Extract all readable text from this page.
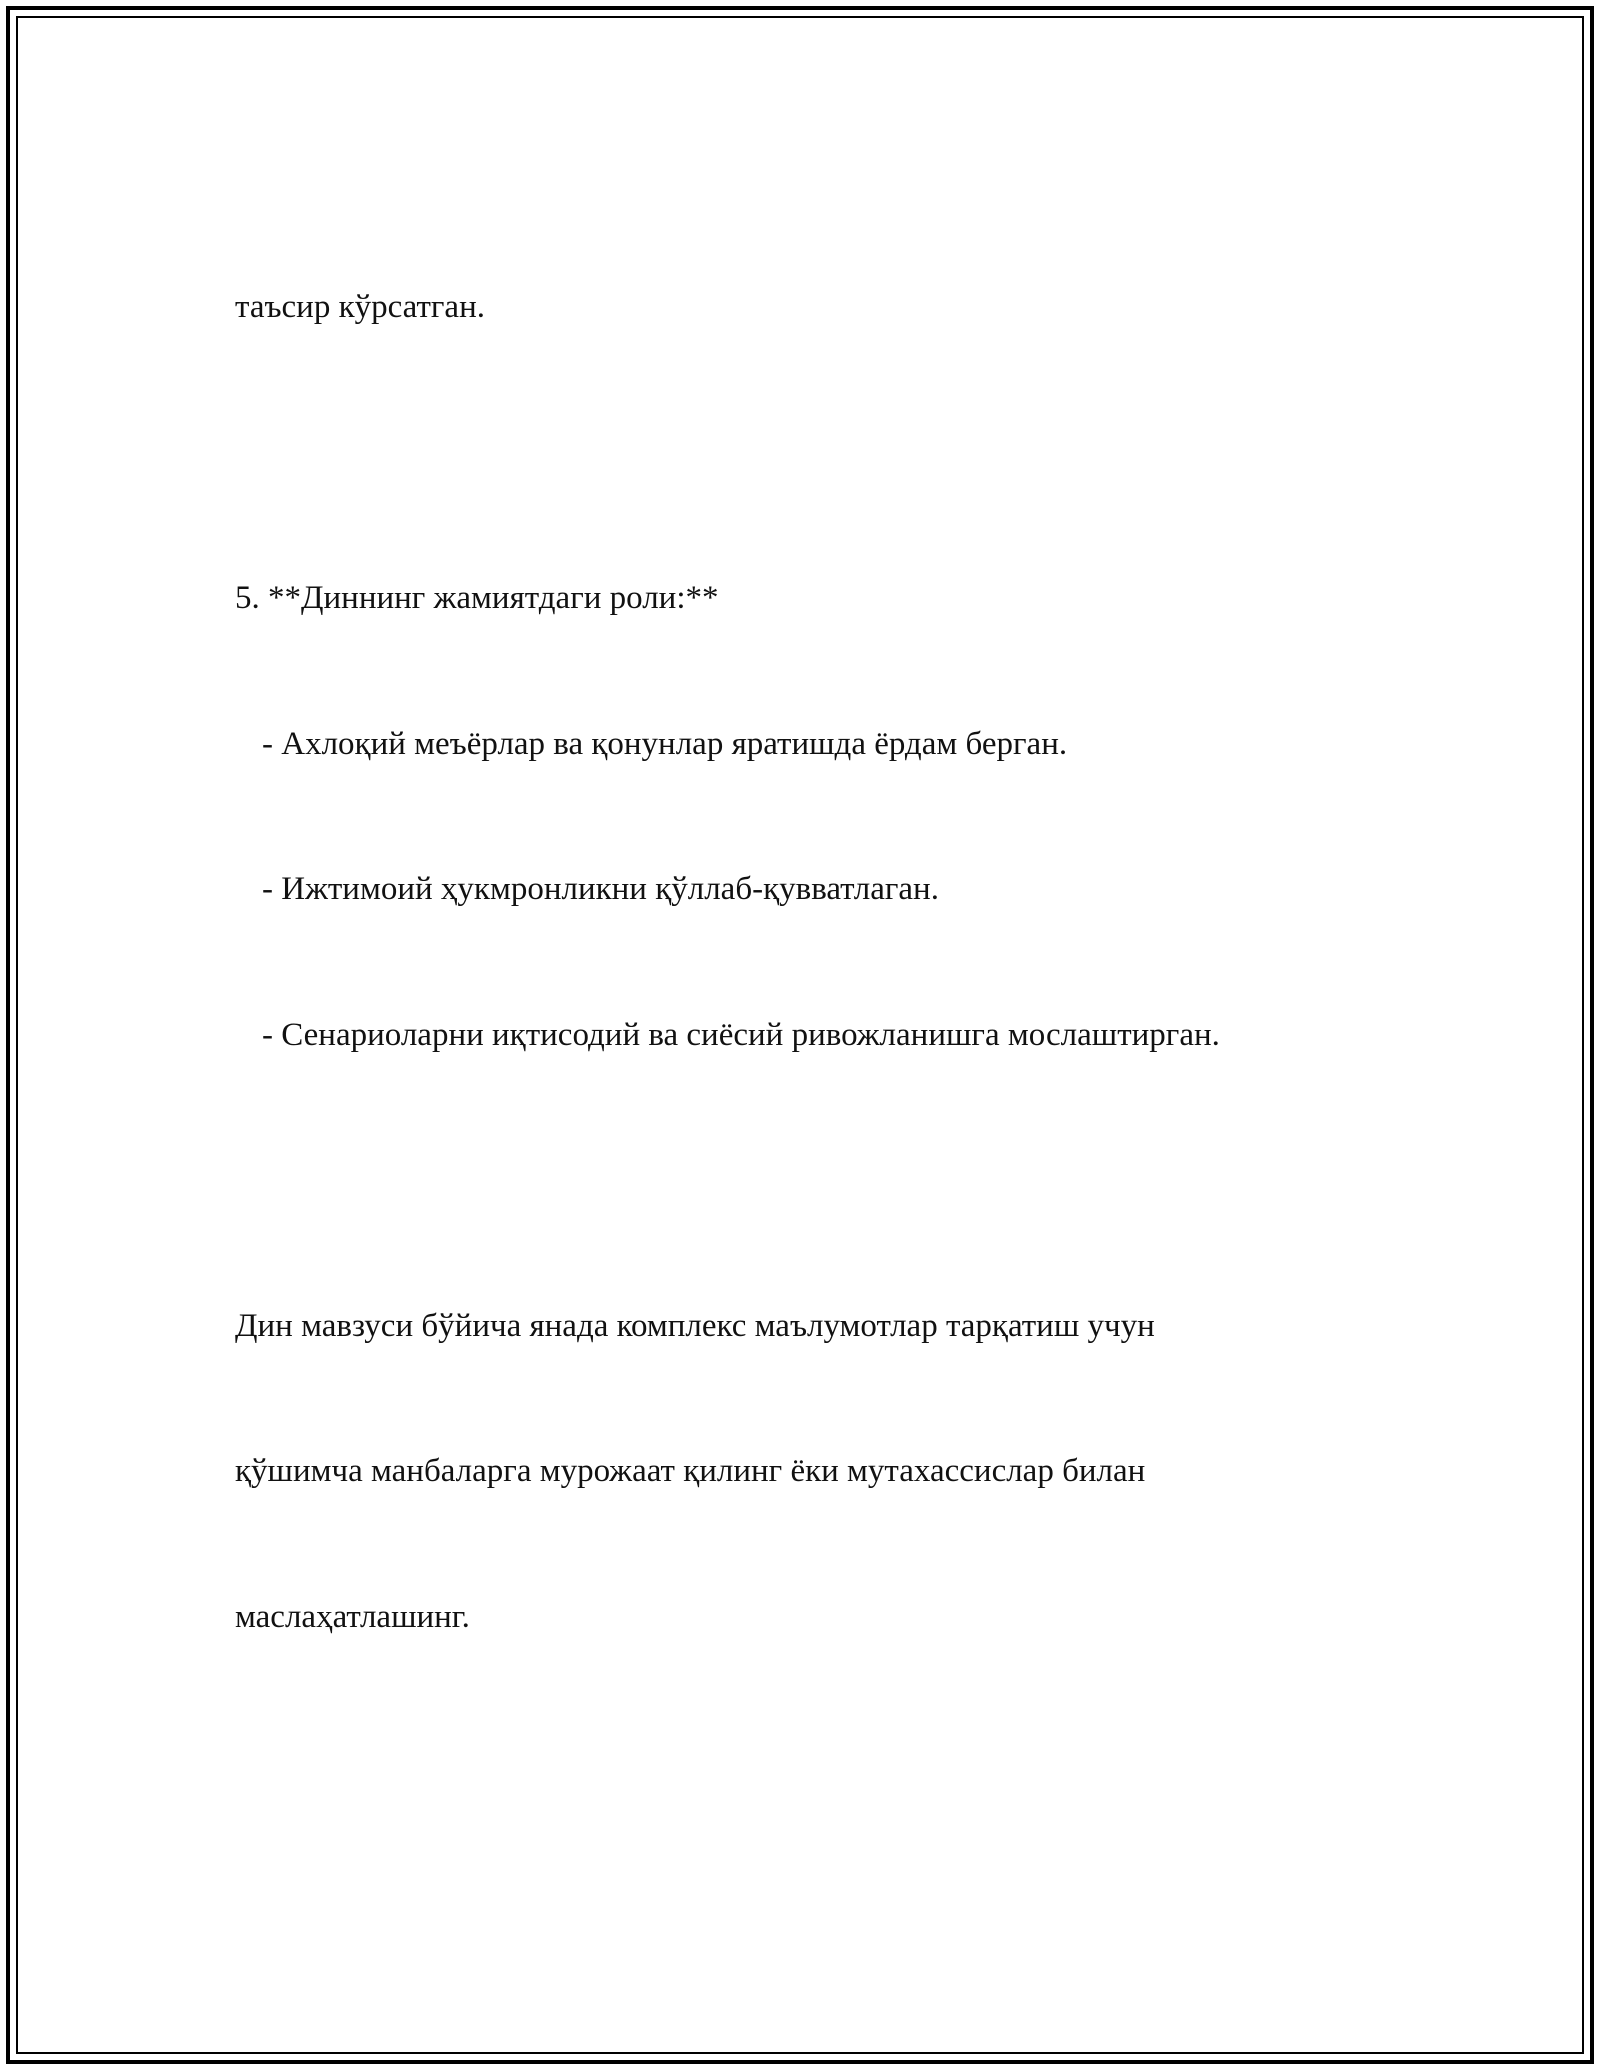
таъсир кўрсатган.

5. **Диннинг жамиятдаги роли:**

- Ахлоқий меъёрлар ва қонунлар яратишда ёрдам берган.

- Ижтимоий ҳукмронликни қўллаб-қувватлаган.

- Сенариоларни иқтисодий ва сиёсий ривожланишга мослаштирган.

Дин мавзуси бўйича янада комплекс маълумотлар тарқатиш учун

қўшимча манбаларга мурожаат қилинг ёки мутахассислар билан

маслаҳатлашинг.
